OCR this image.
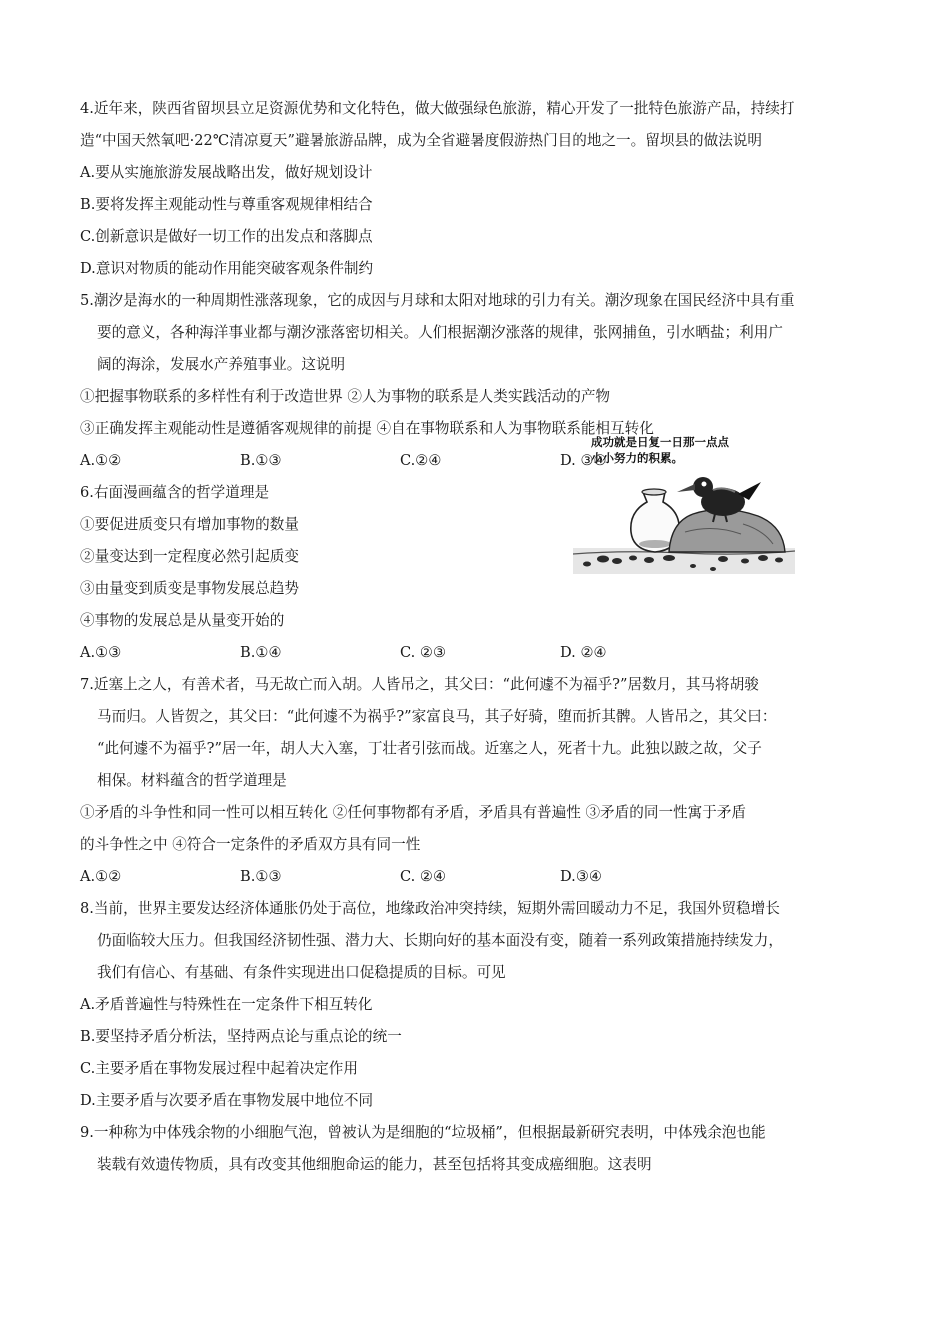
4.近年来，陕西省留坝县立足资源优势和文化特色，做大做强绿色旅游，精心开发了一批特色旅游产品，持续打
造“中国天然氧吧·22℃清凉夏天”避暑旅游品牌，成为全省避暑度假游热门目的地之一。留坝县的做法说明
A.要从实施旅游发展战略出发，做好规划设计
B.要将发挥主观能动性与尊重客观规律相结合
C.创新意识是做好一切工作的出发点和落脚点
D.意识对物质的能动作用能突破客观条件制约
5.潮汐是海水的一种周期性涨落现象，它的成因与月球和太阳对地球的引力有关。潮汐现象在国民经济中具有重
要的意义，各种海洋事业都与潮汐涨落密切相关。人们根据潮汐涨落的规律，张网捕鱼，引水晒盐；利用广
阔的海涂，发展水产养殖事业。这说明
①把握事物联系的多样性有利于改造世界 ②人为事物的联系是人类实践活动的产物
③正确发挥主观能动性是遵循客观规律的前提 ④自在事物联系和人为事物联系能相互转化
A.①②	B.①③	C.②④	D. ③④
6.右面漫画蕴含的哲学道理是
①要促进质变只有增加事物的数量
②量变达到一定程度必然引起质变
③由量变到质变是事物发展总趋势
④事物的发展总是从量变开始的
成功就是日复一日那一点点
小小努力的积累。
A.①③	B.①④	C. ②③	D. ②④
7.近塞上之人，有善术者，马无故亡而入胡。人皆吊之，其父曰：“此何遽不为福乎?”居数月，其马将胡骏
马而归。人皆贺之，其父曰：“此何遽不为祸乎?”家富良马，其子好骑，堕而折其髀。人皆吊之，其父曰：
“此何遽不为福乎?”居一年，胡人大入塞，丁壮者引弦而战。近塞之人，死者十九。此独以跛之故，父子
相保。材料蕴含的哲学道理是
①矛盾的斗争性和同一性可以相互转化 ②任何事物都有矛盾，矛盾具有普遍性 ③矛盾的同一性寓于矛盾
的斗争性之中 ④符合一定条件的矛盾双方具有同一性
A.①②	B.①③	C. ②④	D.③④
8.当前，世界主要发达经济体通胀仍处于高位，地缘政治冲突持续，短期外需回暖动力不足，我国外贸稳增长
仍面临较大压力。但我国经济韧性强、潜力大、长期向好的基本面没有变，随着一系列政策措施持续发力，
我们有信心、有基础、有条件实现进出口促稳提质的目标。可见
A.矛盾普遍性与特殊性在一定条件下相互转化
B.要坚持矛盾分析法，坚持两点论与重点论的统一
C.主要矛盾在事物发展过程中起着决定作用
D.主要矛盾与次要矛盾在事物发展中地位不同
9.一种称为中体残余物的小细胞气泡，曾被认为是细胞的“垃圾桶”，但根据最新研究表明，中体残余泡也能
装载有效遗传物质，具有改变其他细胞命运的能力，甚至包括将其变成癌细胞。这表明
